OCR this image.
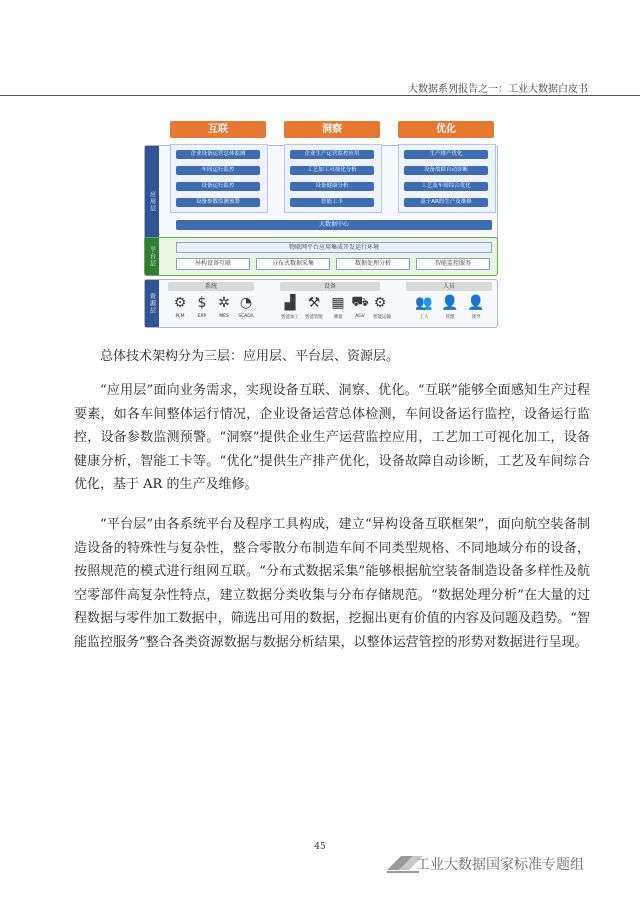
大数据系列报告之一：工业大数据白皮书
应用层
互联	洞察	优化
企业设备运营总体监测
车间运行监控
设备运行监控
设备参数监测预警
企业生产运营监控应用
工艺加工可视化分析
设备健康分析
智能工卡
生产排产优化
设备故障自动诊断
工艺及车间综合优化
基于AR的生产及维修
大数据中心
平台层	物联网平台应用集成开发运行环境
异构设备互联	分布式数据采集	数据处理分析	智能监控服务
资源层
系统	设备	人员
⚙ $ ✲ ◔	▟ ⚒ ▦ ⛟ ⚙ 👥 👤 👤
PLM	ERP	MES	SCADA	智能加工	智能装配	测量	AGV	智能运输	工人	管理	领导

总体技术架构分为三层：应用层、平台层、资源层。

“应用层”面向业务需求，实现设备互联、洞察、优化。“互联”能够全面感知生产过程要素，如各车间整体运行情况，企业设备运营总体检测，车间设备运行监控，设备运行监控，设备参数监测预警。“洞察”提供企业生产运营监控应用，工艺加工可视化加工，设备健康分析，智能工卡等。“优化”提供生产排产优化，设备故障自动诊断，工艺及车间综合优化，基于 AR 的生产及维修。

“平台层”由各系统平台及程序工具构成，建立“异构设备互联框架”，面向航空装备制造设备的特殊性与复杂性，整合零散分布制造车间不同类型规格、不同地域分布的设备，按照规范的模式进行组网互联。“分布式数据采集”能够根据航空装备制造设备多样性及航空零部件高复杂性特点，建立数据分类收集与分布存储规范。“数据处理分析”在大量的过程数据与零件加工数据中，筛选出可用的数据，挖掘出更有价值的内容及问题及趋势。“智能监控服务”整合各类资源数据与数据分析结果，以整体运营管控的形势对数据进行呈现。

45
工业大数据国家标准专题组
